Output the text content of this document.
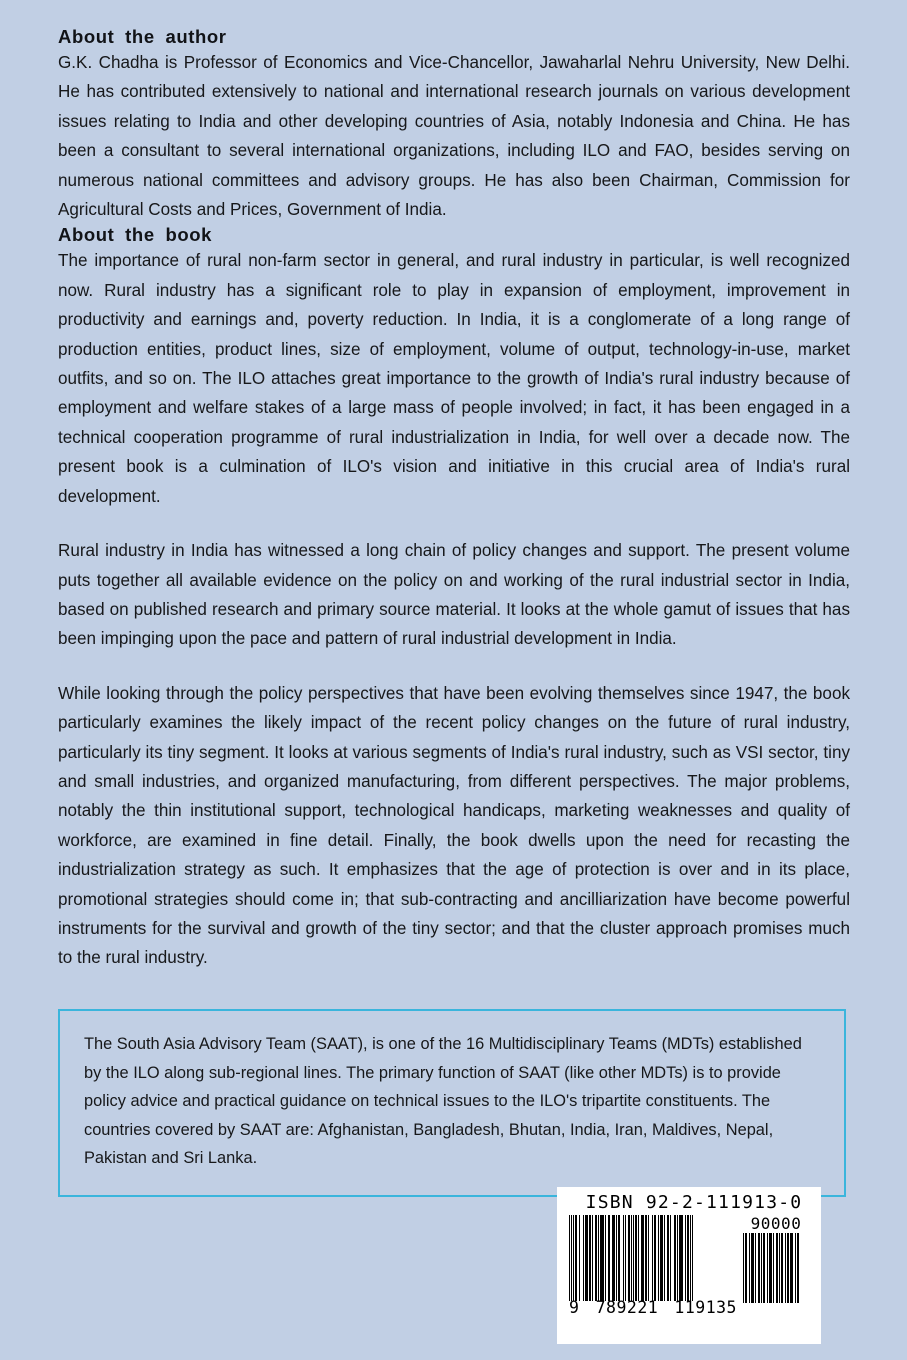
About the author

G.K. Chadha is Professor of Economics and Vice-Chancellor, Jawaharlal Nehru University, New Delhi. He has contributed extensively to national and international research journals on various development issues relating to India and other developing countries of Asia, notably Indonesia and China. He has been a consultant to several international organizations, including ILO and FAO, besides serving on numerous national committees and advisory groups. He has also been Chairman, Commission for Agricultural Costs and Prices, Government of India.

About the book

The importance of rural non-farm sector in general, and rural industry in particular, is well recognized now. Rural industry has a significant role to play in expansion of employment, improvement in productivity and earnings and, poverty reduction. In India, it is a conglomerate of a long range of production entities, product lines, size of employment, volume of output, technology-in-use, market outfits, and so on. The ILO attaches great importance to the growth of India's rural industry because of employment and welfare stakes of a large mass of people involved; in fact, it has been engaged in a technical cooperation programme of rural industrialization in India, for well over a decade now. The present book is a culmination of ILO's vision and initiative in this crucial area of India's rural development.

Rural industry in India has witnessed a long chain of policy changes and support. The present volume puts together all available evidence on the policy on and working of the rural industrial sector in India, based on published research and primary source material. It looks at the whole gamut of issues that has been impinging upon the pace and pattern of rural industrial development in India.

While looking through the policy perspectives that have been evolving themselves since 1947, the book particularly examines the likely impact of the recent policy changes on the future of rural industry, particularly its tiny segment. It looks at various segments of India's rural industry, such as VSI sector, tiny and small industries, and organized manufacturing, from different perspectives. The major problems, notably the thin institutional support, technological handicaps, marketing weaknesses and quality of workforce, are examined in fine detail. Finally, the book dwells upon the need for recasting the industrialization strategy as such. It emphasizes that the age of protection is over and in its place, promotional strategies should come in; that sub-contracting and ancilliarization have become powerful instruments for the survival and growth of the tiny sector; and that the cluster approach promises much to the rural industry.

The South Asia Advisory Team (SAAT), is one of the 16 Multidisciplinary Teams (MDTs) established by the ILO along sub-regional lines. The primary function of SAAT (like other MDTs) is to provide policy advice and practical guidance on technical issues to the ILO's tripartite constituents. The countries covered by SAAT are: Afghanistan, Bangladesh, Bhutan, India, Iran, Maldives, Nepal, Pakistan and Sri Lanka.

ISBN 92-2-111913-0
9 789221 119135
90000
